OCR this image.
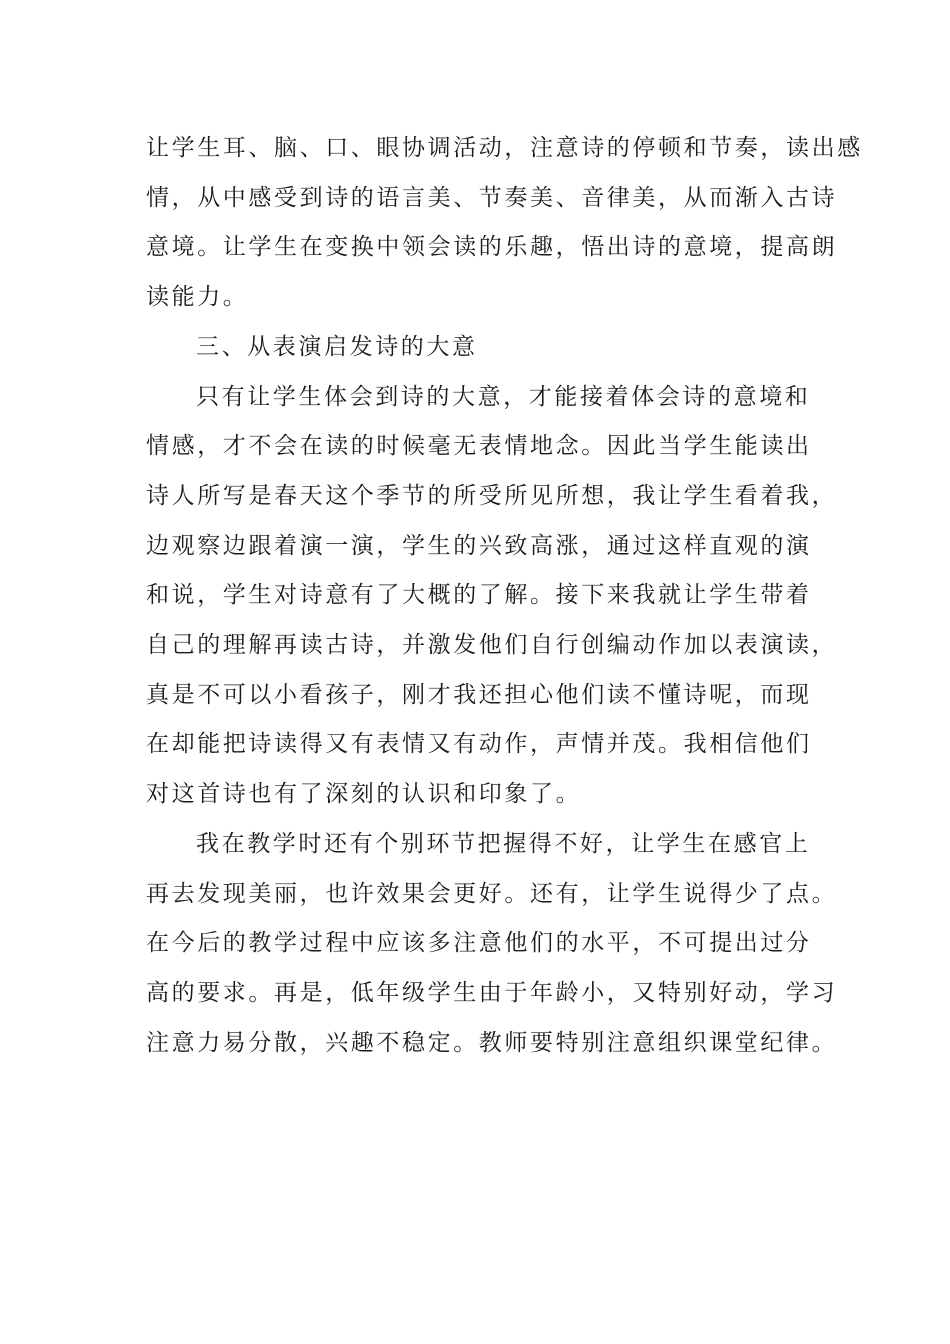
让学生耳、脑、口、眼协调活动，注意诗的停顿和节奏，读出感
情，从中感受到诗的语言美、节奏美、音律美，从而渐入古诗
意境。让学生在变换中领会读的乐趣，悟出诗的意境，提高朗
读能力。
三、从表演启发诗的大意
只有让学生体会到诗的大意，才能接着体会诗的意境和
情感，才不会在读的时候毫无表情地念。因此当学生能读出
诗人所写是春天这个季节的所受所见所想，我让学生看着我，
边观察边跟着演一演，学生的兴致高涨，通过这样直观的演
和说，学生对诗意有了大概的了解。接下来我就让学生带着
自己的理解再读古诗，并激发他们自行创编动作加以表演读，
真是不可以小看孩子，刚才我还担心他们读不懂诗呢，而现
在却能把诗读得又有表情又有动作，声情并茂。我相信他们
对这首诗也有了深刻的认识和印象了。
我在教学时还有个别环节把握得不好，让学生在感官上
再去发现美丽，也许效果会更好。还有，让学生说得少了点。
在今后的教学过程中应该多注意他们的水平，不可提出过分
高的要求。再是，低年级学生由于年龄小，又特别好动，学习
注意力易分散，兴趣不稳定。教师要特别注意组织课堂纪律。
